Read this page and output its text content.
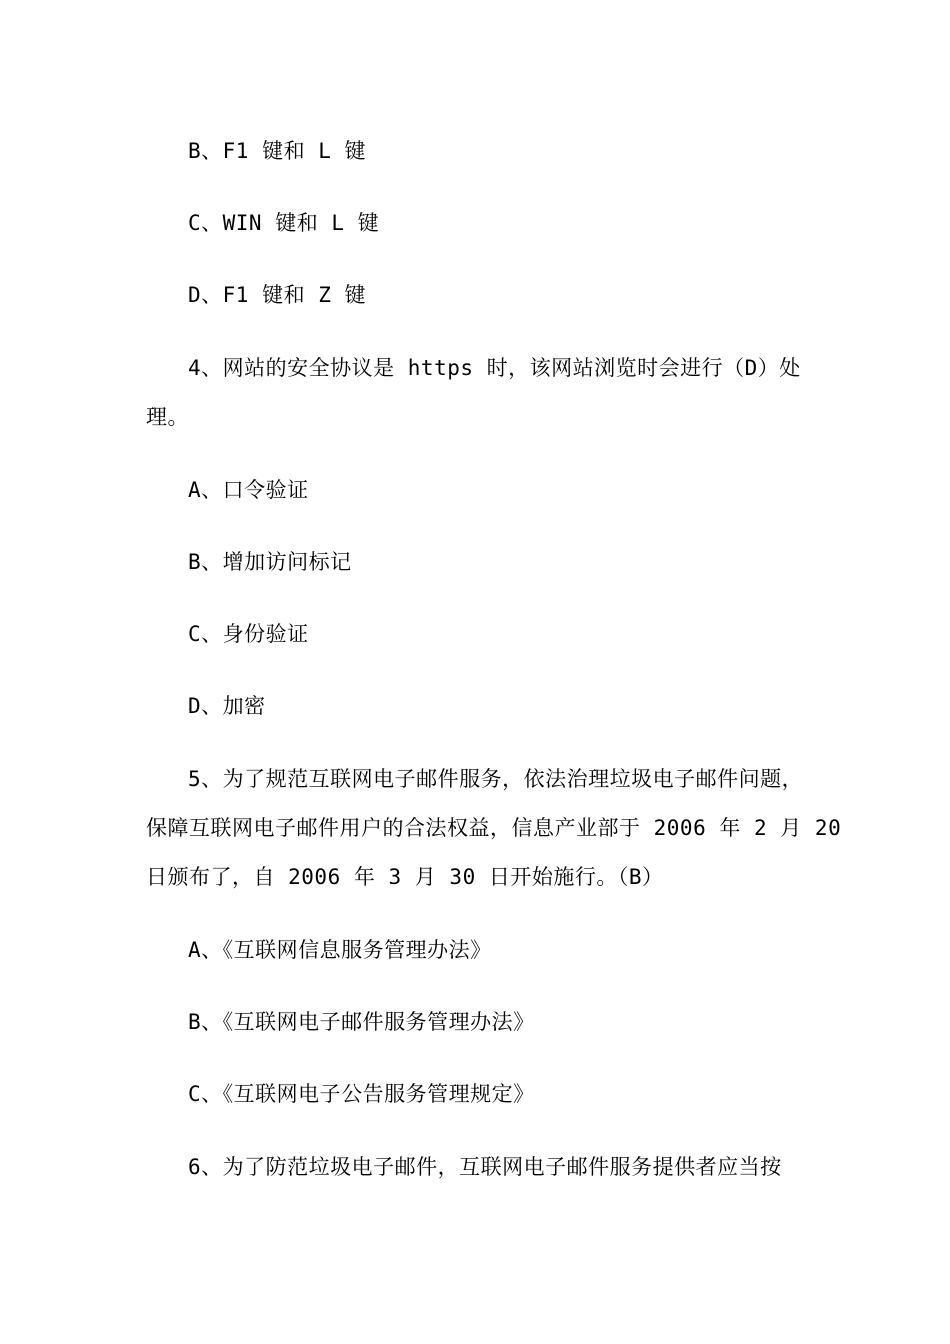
B、F1 键和 L 键
C、WIN 键和 L 键
D、F1 键和 Z 键
4、网站的安全协议是 https 时，该网站浏览时会进行（D）处
理。
A、口令验证
B、增加访问标记
C、身份验证
D、加密
5、为了规范互联网电子邮件服务，依法治理垃圾电子邮件问题，
保障互联网电子邮件用户的合法权益，信息产业部于 2006 年 2 月 20
日颁布了，自 2006 年 3 月 30 日开始施行。（B）
A、《互联网信息服务管理办法》
B、《互联网电子邮件服务管理办法》
C、《互联网电子公告服务管理规定》
6、为了防范垃圾电子邮件，互联网电子邮件服务提供者应当按
